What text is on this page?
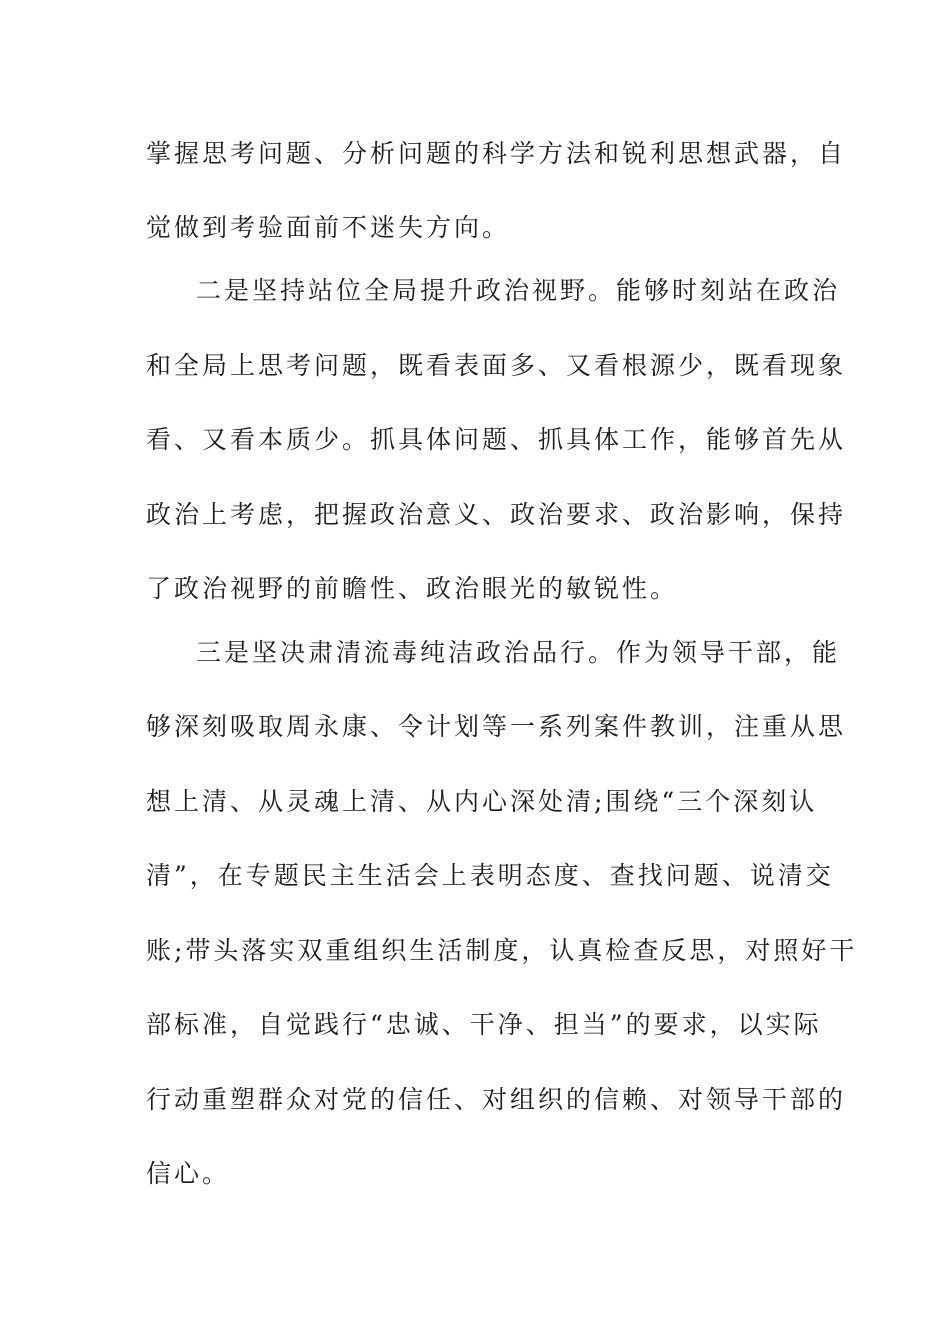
掌握思考问题、分析问题的科学方法和锐利思想武器，自
觉做到考验面前不迷失方向。
二是坚持站位全局提升政治视野。能够时刻站在政治
和全局上思考问题，既看表面多、又看根源少，既看现象
看、又看本质少。抓具体问题、抓具体工作，能够首先从
政治上考虑，把握政治意义、政治要求、政治影响，保持
了政治视野的前瞻性、政治眼光的敏锐性。
三是坚决肃清流毒纯洁政治品行。作为领导干部，能
够深刻吸取周永康、令计划等一系列案件教训，注重从思
想上清、从灵魂上清、从内心深处清;围绕“三个深刻认
清”，在专题民主生活会上表明态度、查找问题、说清交
账;带头落实双重组织生活制度，认真检查反思，对照好干
部标准，自觉践行“忠诚、干净、担当”的要求，以实际
行动重塑群众对党的信任、对组织的信赖、对领导干部的
信心。
